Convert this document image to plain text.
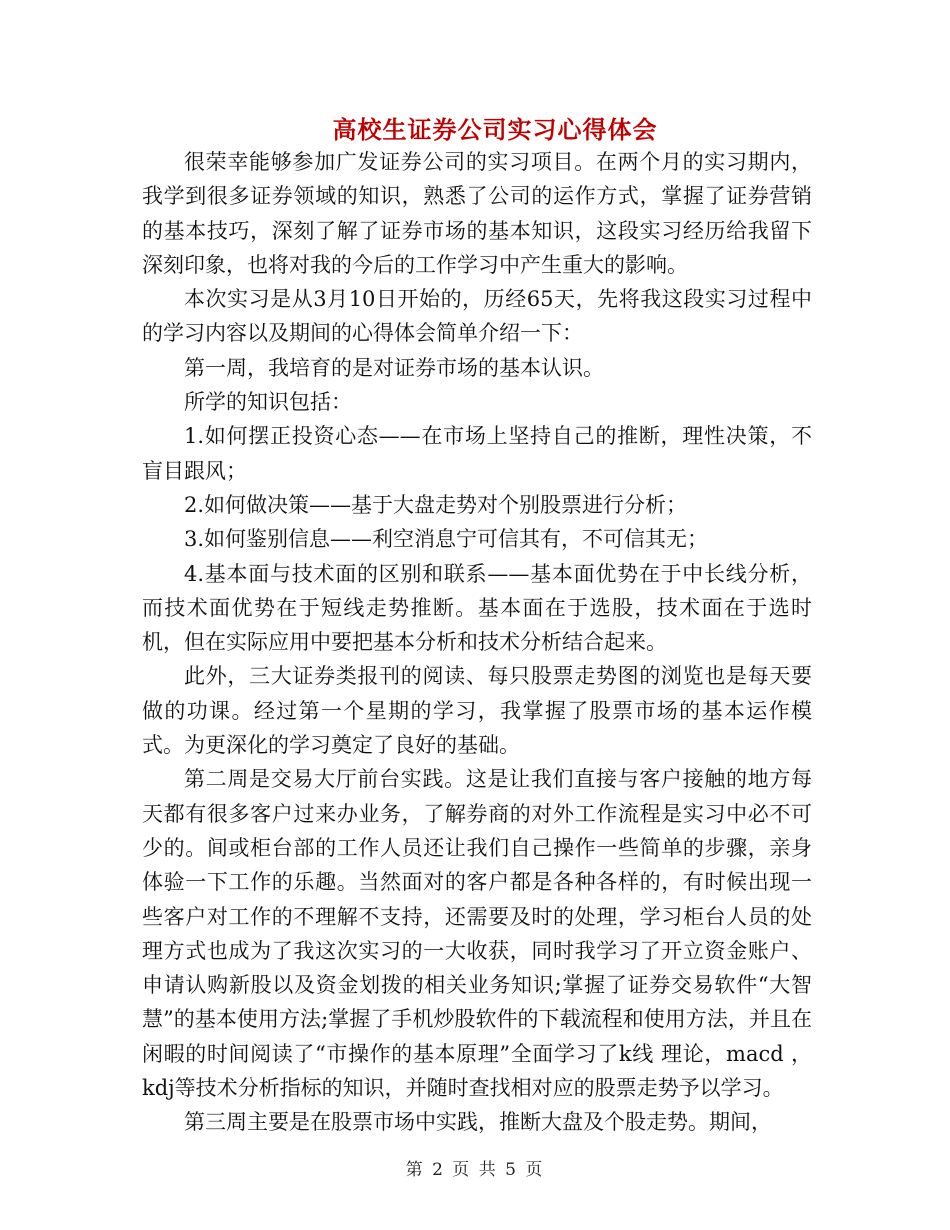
高校生证券公司实习心得体会

很荣幸能够参加广发证券公司的实习项目。在两个月的实习期内，我学到很多证券领域的知识，熟悉了公司的运作方式，掌握了证券营销的基本技巧，深刻了解了证券市场的基本知识，这段实习经历给我留下深刻印象，也将对我的今后的工作学习中产生重大的影响。

本次实习是从3月10日开始的，历经65天，先将我这段实习过程中的学习内容以及期间的心得体会简单介绍一下：

第一周，我培育的是对证券市场的基本认识。

所学的知识包括：

1.如何摆正投资心态——在市场上坚持自己的推断，理性决策，不盲目跟风；

2.如何做决策——基于大盘走势对个别股票进行分析；

3.如何鉴别信息——利空消息宁可信其有，不可信其无；

4.基本面与技术面的区别和联系——基本面优势在于中长线分析，而技术面优势在于短线走势推断。基本面在于选股，技术面在于选时机，但在实际应用中要把基本分析和技术分析结合起来。

此外，三大证券类报刊的阅读、每只股票走势图的浏览也是每天要做的功课。经过第一个星期的学习，我掌握了股票市场的基本运作模式。为更深化的学习奠定了良好的基础。

第二周是交易大厅前台实践。这是让我们直接与客户接触的地方每天都有很多客户过来办业务，了解券商的对外工作流程是实习中必不可少的。间或柜台部的工作人员还让我们自己操作一些简单的步骤，亲身体验一下工作的乐趣。当然面对的客户都是各种各样的，有时候出现一些客户对工作的不理解不支持，还需要及时的处理，学习柜台人员的处理方式也成为了我这次实习的一大收获，同时我学习了开立资金账户、申请认购新股以及资金划拨的相关业务知识;掌握了证券交易软件“大智慧”的基本使用方法;掌握了手机炒股软件的下载流程和使用方法，并且在闲暇的时间阅读了“市操作的基本原理”全面学习了k线 理论，macd ，kdj等技术分析指标的知识，并随时查找相对应的股票走势予以学习。

第三周主要是在股票市场中实践，推断大盘及个股走势。期间，

第 2 页 共 5 页
